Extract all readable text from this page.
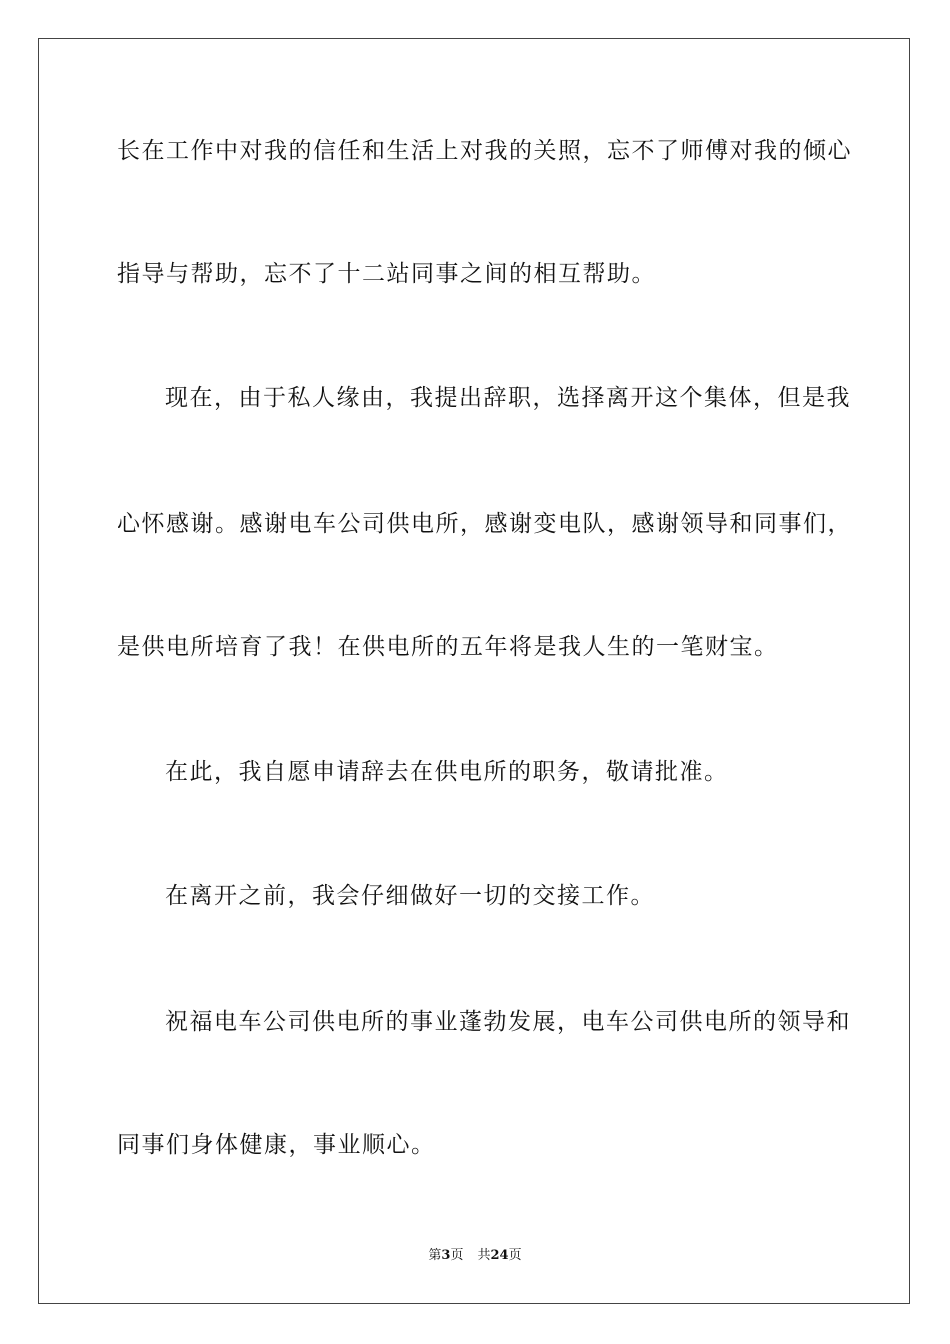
长在工作中对我的信任和生活上对我的关照，忘不了师傅对我的倾心
指导与帮助，忘不了十二站同事之间的相互帮助。
现在，由于私人缘由，我提出辞职，选择离开这个集体，但是我
心怀感谢。感谢电车公司供电所，感谢变电队，感谢领导和同事们，
是供电所培育了我！在供电所的五年将是我人生的一笔财宝。
在此，我自愿申请辞去在供电所的职务，敬请批准。
在离开之前，我会仔细做好一切的交接工作。
祝福电车公司供电所的事业蓬勃发展，电车公司供电所的领导和
同事们身体健康，事业顺心。
第3页 共24页
